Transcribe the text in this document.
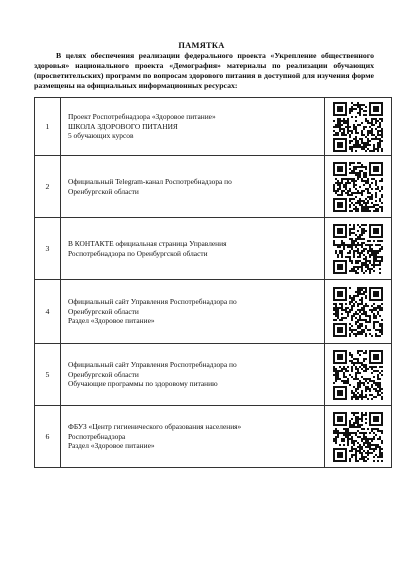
ПАМЯТКА
В целях обеспечения реализации федерального проекта «Укрепление общественного здоровья» национального проекта «Демография» материалы по реализации обучающих (просветительских) программ по вопросам здорового питания в доступной для изучения форме размещены на официальных информационных ресурсах:
1	Проект Роспотребнадзора «Здоровое питание»
ШКОЛА ЗДОРОВОГО ПИТАНИЯ
5 обучающих курсов

2	Официальный Telegram-канал Роспотребнадзора по
Оренбургской области

3	В КОНТАКТЕ официальная страница Управления
Роспотребнадзора по Оренбургской области

4	Официальный сайт Управления Роспотребнадзора по
Оренбургской области
Раздел «Здоровое питание»

5	Официальный сайт Управления Роспотребнадзора по
Оренбургской области
Обучающие программы по здоровому питанию

6	ФБУЗ «Центр гигиенического образования населения»
Роспотребнадзора
Раздел «Здоровое питание»
